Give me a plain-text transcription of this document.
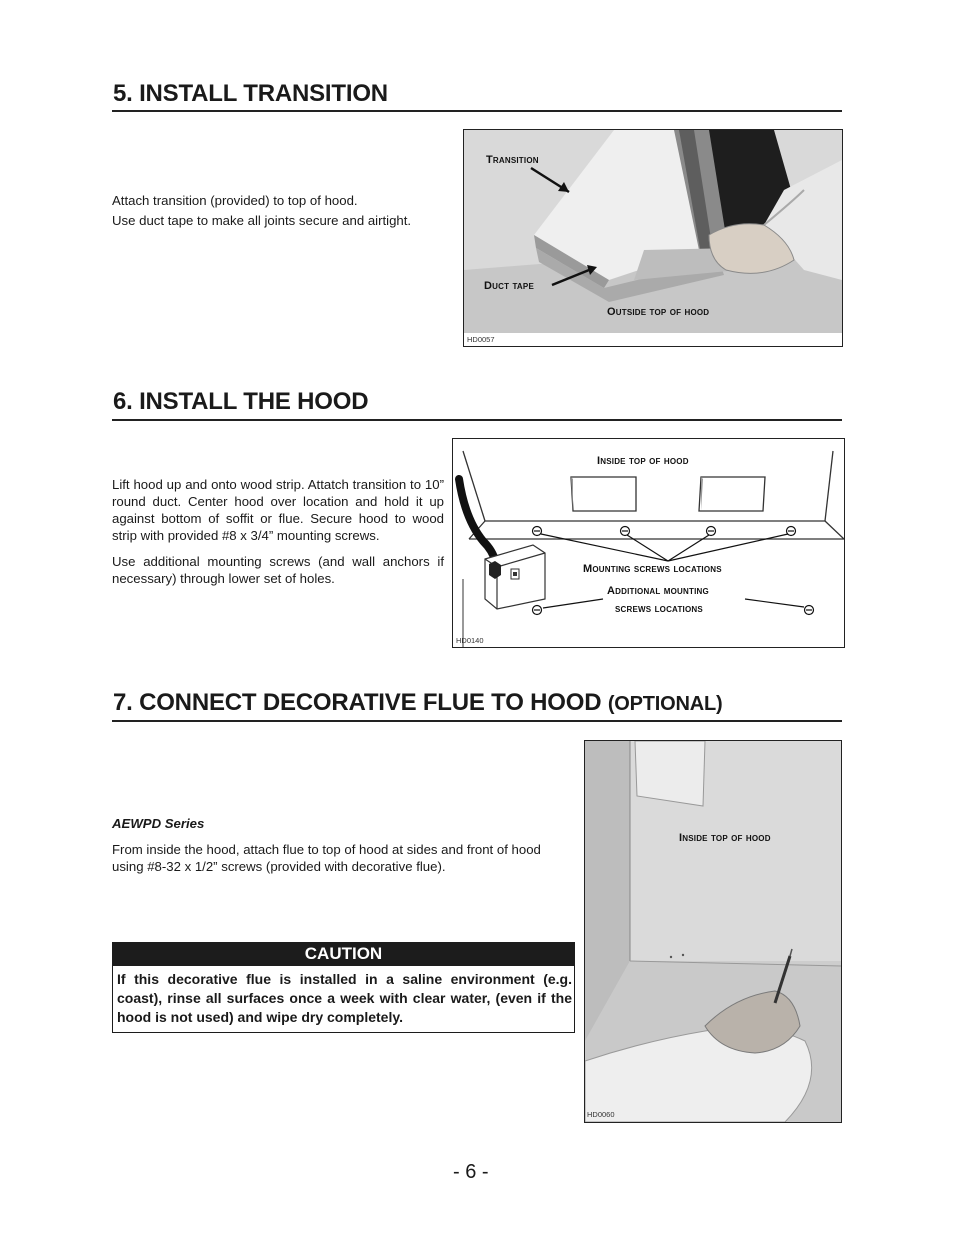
5. INSTALL TRANSITION

Attach transition (provided) to top of hood.

Use duct tape to make all joints secure and airtight.

Transition
Duct tape
Outside top of hood
HD0057
6. INSTALL THE HOOD

Lift hood up and onto wood strip. Attatch transition to 10” round duct. Center hood over location and hold it up against bottom of soffit or flue. Secure hood to wood strip with provided #8 x 3/4” mounting screws.

Use additional mounting screws (and wall anchors if necessary) through lower set of holes.

Inside top of hood
Mounting screws locations
Additional mounting
screws locations
HD0140
7. CONNECT DECORATIVE FLUE TO HOOD (OPTIONAL)

AEWPD Series

From inside the hood, attach flue to top of hood at sides and front of hood using #8-32 x 1/2” screws (provided with decorative flue).

CAUTION
If this decorative flue is installed in a saline environment (e.g. coast), rinse all surfaces once a week with clear water, (even if the hood is not used) and wipe dry completely.
Inside top of hood
HD0060
- 6 -
